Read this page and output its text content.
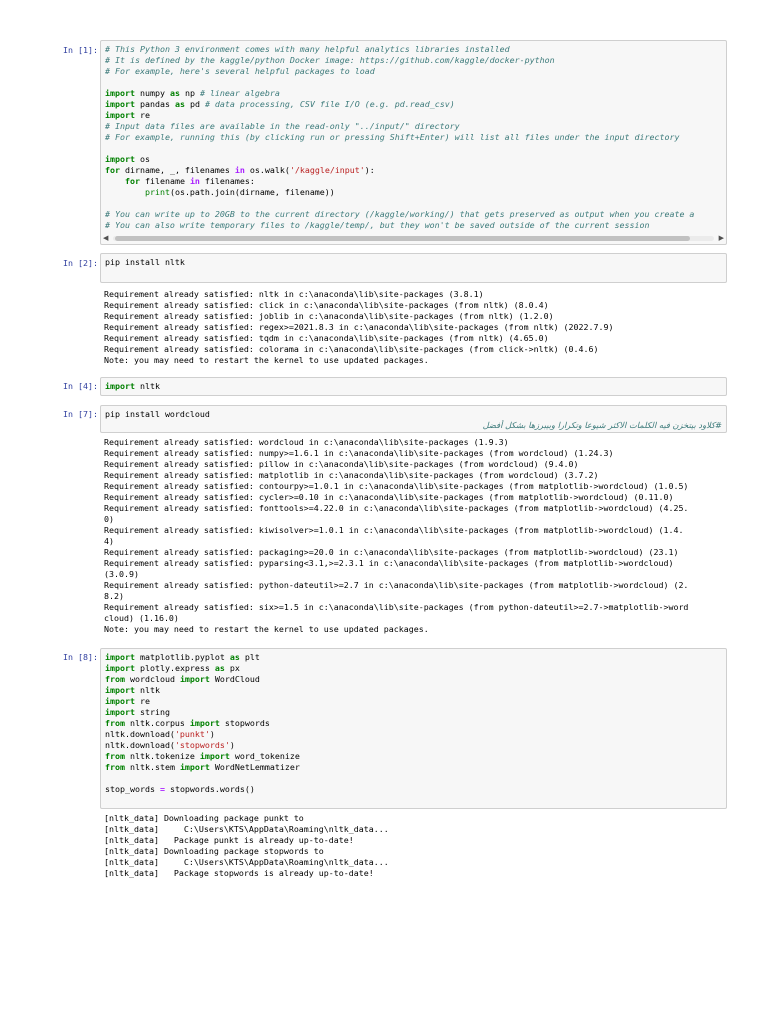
In [1]: # This Python 3 environment comes with many helpful analytics libraries installed
# It is defined by the kaggle/python Docker image: https://github.com/kaggle/docker-python
# For example, here's several helpful packages to load
import numpy as np # linear algebra
import pandas as pd # data processing, CSV file I/O (e.g. pd.read_csv)
import re
# Input data files are available in the read-only "../input/" directory
# For example, running this (by clicking run or pressing Shift+Enter) will list all files under the input directory
import os
for dirname, _, filenames in os.walk('/kaggle/input'):
for filename in filenames:
print(os.path.join(dirname, filename))
# You can write up to 20GB to the current directory (/kaggle/working/) that gets preserved as output when you create a
# You can also write temporary files to /kaggle/temp/, but they won't be saved outside of the current session
◀	▶
In [2]: pip install nltk
Requirement already satisfied: nltk in c:\anaconda\lib\site-packages (3.8.1)
Requirement already satisfied: click in c:\anaconda\lib\site-packages (from nltk) (8.0.4)
Requirement already satisfied: joblib in c:\anaconda\lib\site-packages (from nltk) (1.2.0)
Requirement already satisfied: regex>=2021.8.3 in c:\anaconda\lib\site-packages (from nltk) (2022.7.9)
Requirement already satisfied: tqdm in c:\anaconda\lib\site-packages (from nltk) (4.65.0)
Requirement already satisfied: colorama in c:\anaconda\lib\site-packages (from click->nltk) (0.4.6)
Note: you may need to restart the kernel to use updated packages.
In [4]: import nltk
In [7]: pip install wordcloud
#كلاود بيتخزن فيه الكلمات الاكثر شيوعا وتكرارا وبيبرزها بشكل أفضل
Requirement already satisfied: wordcloud in c:\anaconda\lib\site-packages (1.9.3)
Requirement already satisfied: numpy>=1.6.1 in c:\anaconda\lib\site-packages (from wordcloud) (1.24.3)
Requirement already satisfied: pillow in c:\anaconda\lib\site-packages (from wordcloud) (9.4.0)
Requirement already satisfied: matplotlib in c:\anaconda\lib\site-packages (from wordcloud) (3.7.2)
Requirement already satisfied: contourpy>=1.0.1 in c:\anaconda\lib\site-packages (from matplotlib->wordcloud) (1.0.5)
Requirement already satisfied: cycler>=0.10 in c:\anaconda\lib\site-packages (from matplotlib->wordcloud) (0.11.0)
Requirement already satisfied: fonttools>=4.22.0 in c:\anaconda\lib\site-packages (from matplotlib->wordcloud) (4.25.
0)
Requirement already satisfied: kiwisolver>=1.0.1 in c:\anaconda\lib\site-packages (from matplotlib->wordcloud) (1.4.
4)
Requirement already satisfied: packaging>=20.0 in c:\anaconda\lib\site-packages (from matplotlib->wordcloud) (23.1)
Requirement already satisfied: pyparsing<3.1,>=2.3.1 in c:\anaconda\lib\site-packages (from matplotlib->wordcloud)
(3.0.9)
Requirement already satisfied: python-dateutil>=2.7 in c:\anaconda\lib\site-packages (from matplotlib->wordcloud) (2.
8.2)
Requirement already satisfied: six>=1.5 in c:\anaconda\lib\site-packages (from python-dateutil>=2.7->matplotlib->word
cloud) (1.16.0)
Note: you may need to restart the kernel to use updated packages.
In [8]: import matplotlib.pyplot as plt
import plotly.express as px
from wordcloud import WordCloud
import nltk
import re
import string
from nltk.corpus import stopwords
nltk.download('punkt')
nltk.download('stopwords')
from nltk.tokenize import word_tokenize
from nltk.stem import WordNetLemmatizer
stop_words = stopwords.words()
[nltk_data] Downloading package punkt to
[nltk_data]     C:\Users\KTS\AppData\Roaming\nltk_data...
[nltk_data]   Package punkt is already up-to-date!
[nltk_data] Downloading package stopwords to
[nltk_data]     C:\Users\KTS\AppData\Roaming\nltk_data...
[nltk_data]   Package stopwords is already up-to-date!
